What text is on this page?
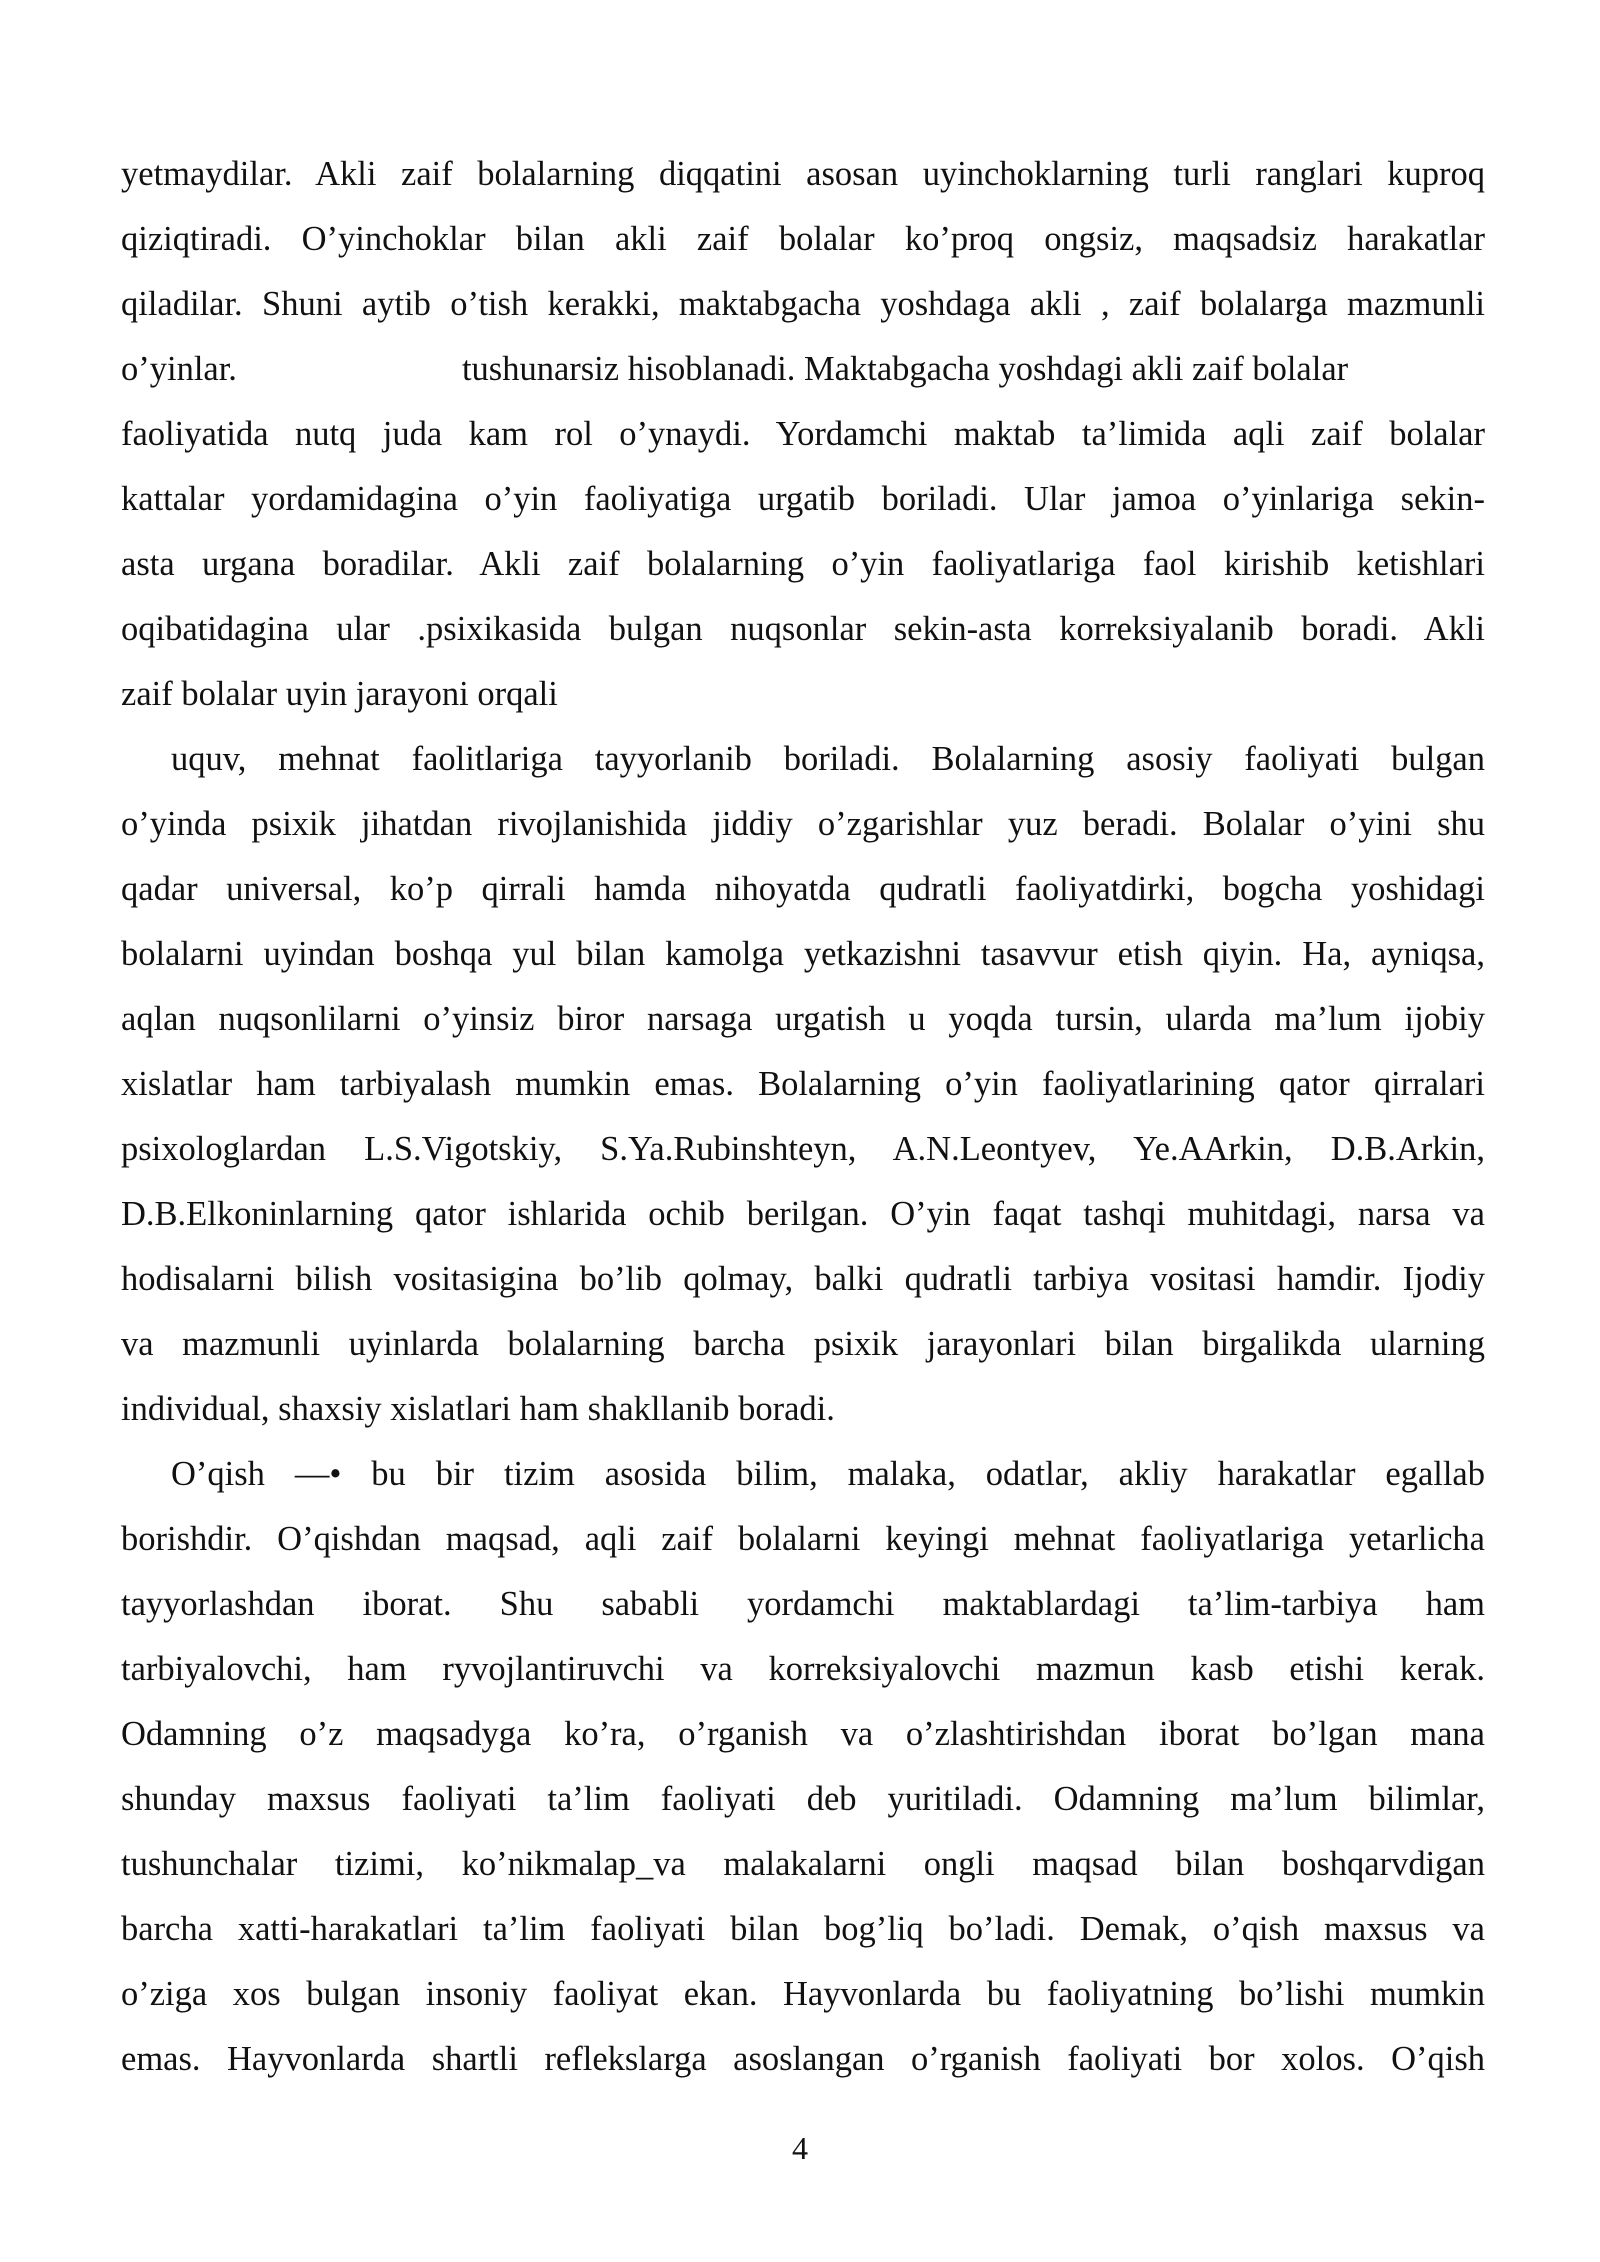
yetmaydilar. Akli zaif bolalarning diqqatini asosan uyinchoklarning turli ranglari kuproq
qiziqtiradi. O’yinchoklar bilan akli zaif bolalar ko’proq ongsiz, maqsadsiz harakatlar
qiladilar. Shuni aytib o’tish kerakki, maktabgacha yoshdaga akli , zaif bolalarga mazmunli
o’yinlar.	tushunarsiz hisoblanadi. Maktabgacha yoshdagi akli zaif bolalar
faoliyatida nutq juda kam rol o’ynaydi. Yordamchi maktab ta’limida aqli zaif bolalar
kattalar yordamidagina o’yin faoliyatiga urgatib boriladi. Ular jamoa o’yinlariga sekin-
asta urgana boradilar. Akli zaif bolalarning o’yin faoliyatlariga faol kirishib ketishlari
oqibatidagina ular .psixikasida bulgan nuqsonlar sekin-asta korreksiyalanib boradi. Akli
zaif bolalar uyin jarayoni orqali
uquv, mehnat faolitlariga tayyorlanib boriladi. Bolalarning asosiy faoliyati bulgan
o’yinda psixik jihatdan rivojlanishida jiddiy o’zgarishlar yuz beradi. Bolalar o’yini shu
qadar universal, ko’p qirrali hamda nihoyatda qudratli faoliyatdirki, bogcha yoshidagi
bolalarni uyindan boshqa yul bilan kamolga yetkazishni tasavvur etish qiyin. Ha, ayniqsa,
aqlan nuqsonlilarni o’yinsiz biror narsaga urgatish u yoqda tursin, ularda ma’lum ijobiy
xislatlar ham tarbiyalash mumkin emas. Bolalarning o’yin faoliyatlarining qator qirralari
psixologlardan L.S.Vigotskiy, S.Ya.Rubinshteyn, A.N.Leontyev, Ye.AArkin, D.B.Arkin,
D.B.Elkoninlarning qator ishlarida ochib berilgan. O’yin faqat tashqi muhitdagi, narsa va
hodisalarni bilish vositasigina bo’lib qolmay, balki qudratli tarbiya vositasi hamdir. Ijodiy
va mazmunli uyinlarda bolalarning barcha psixik jarayonlari bilan birgalikda ularning
individual, shaxsiy xislatlari ham shakllanib boradi.
O’qish —• bu bir tizim asosida bilim, malaka, odatlar, akliy harakatlar egallab
borishdir. O’qishdan maqsad, aqli zaif bolalarni keyingi mehnat faoliyatlariga yetarlicha
tayyorlashdan iborat. Shu sababli yordamchi maktablardagi ta’lim-tarbiya ham
tarbiyalovchi, ham ryvojlantiruvchi va korreksiyalovchi mazmun kasb etishi kerak.
Odamning o’z maqsadyga ko’ra, o’rganish va o’zlashtirishdan iborat bo’lgan mana
shunday maxsus faoliyati ta’lim faoliyati deb yuritiladi. Odamning ma’lum bilimlar,
tushunchalar tizimi, ko’nikmalap_va malakalarni ongli maqsad bilan boshqarvdigan
barcha xatti-harakatlari ta’lim faoliyati bilan bog’liq bo’ladi. Demak, o’qish maxsus va
o’ziga xos bulgan insoniy faoliyat ekan. Hayvonlarda bu faoliyatning bo’lishi mumkin
emas. Hayvonlarda shartli reflekslarga asoslangan o’rganish faoliyati bor xolos. O’qish
4
